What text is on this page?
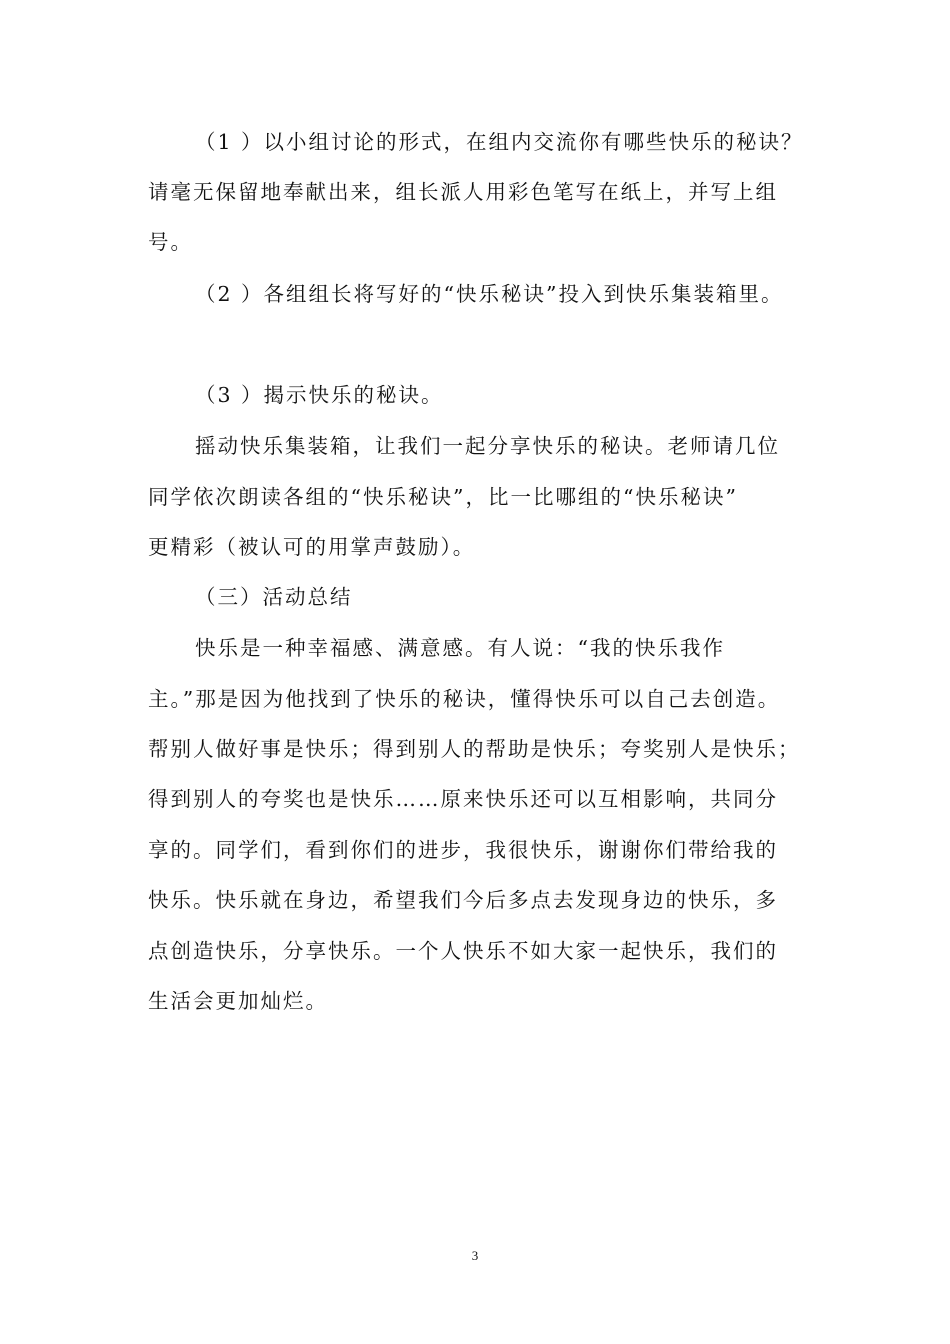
（1 ）以小组讨论的形式，在组内交流你有哪些快乐的秘诀？
请毫无保留地奉献出来，组长派人用彩色笔写在纸上，并写上组
号。
（2 ）各组组长将写好的“快乐秘诀”投入到快乐集装箱里。
（3 ）揭示快乐的秘诀。
摇动快乐集装箱，让我们一起分享快乐的秘诀。老师请几位
同学依次朗读各组的“快乐秘诀”，比一比哪组的“快乐秘诀”
更精彩（被认可的用掌声鼓励）。
（三）活动总结
快乐是一种幸福感、满意感。有人说：“我的快乐我作
主。”那是因为他找到了快乐的秘诀，懂得快乐可以自己去创造。
帮别人做好事是快乐；得到别人的帮助是快乐；夸奖别人是快乐；
得到别人的夸奖也是快乐……原来快乐还可以互相影响，共同分
享的。同学们，看到你们的进步，我很快乐，谢谢你们带给我的
快乐。快乐就在身边，希望我们今后多点去发现身边的快乐，多
点创造快乐，分享快乐。一个人快乐不如大家一起快乐，我们的
生活会更加灿烂。
3
